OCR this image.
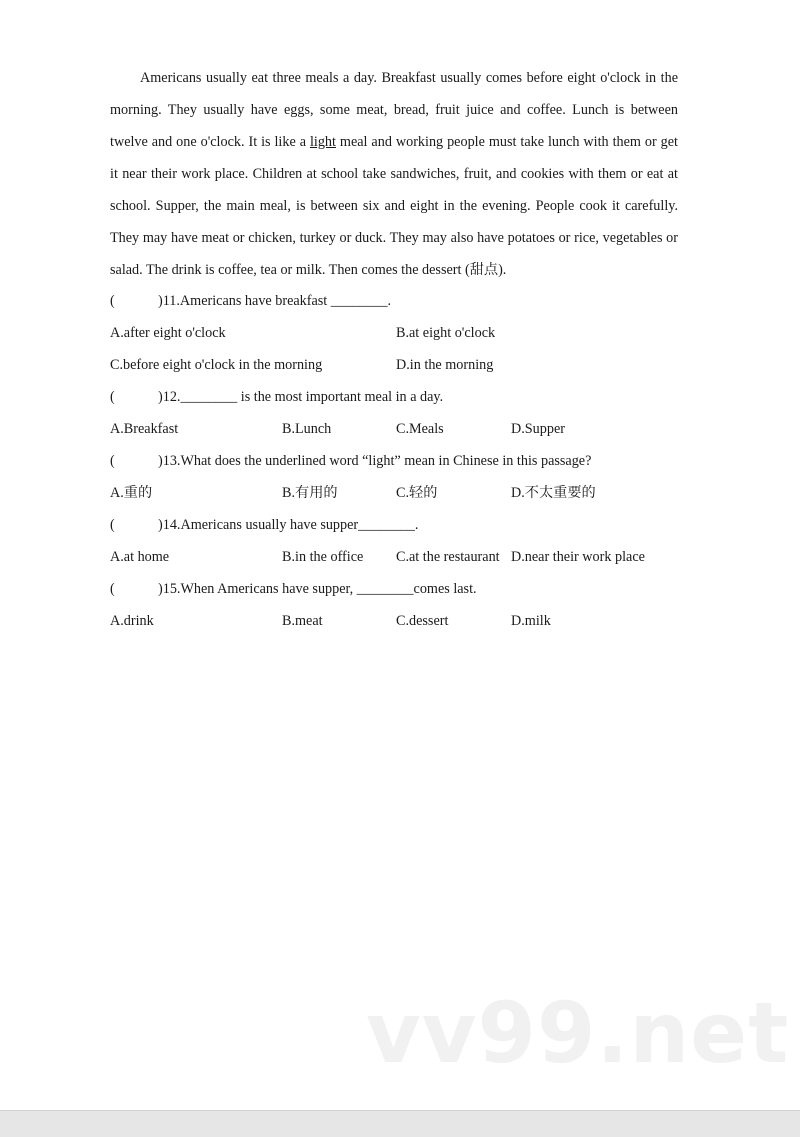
Americans usually eat three meals a day. Breakfast usually comes before eight o'clock in the morning. They usually have eggs, some meat, bread, fruit juice and coffee. Lunch is between twelve and one o'clock. It is like a light meal and working people must take lunch with them or get it near their work place. Children at school take sandwiches, fruit, and cookies with them or eat at school. Supper, the main meal, is between six and eight in the evening. People cook it carefully. They may have meat or chicken, turkey or duck. They may also have potatoes or rice, vegetables or salad. The drink is coffee, tea or milk. Then comes the dessert (甜点).

(	)11.Americans have breakfast ________.
A.after eight o'clock	B.at eight o'clock
C.before eight o'clock in the morning	D.in the morning
(	)12.________ is the most important meal in a day.
A.Breakfast	B.Lunch	C.Meals	D.Supper
(	)13.What does the underlined word “light” mean in Chinese in this passage?
A.重的	B.有用的	C.轻的	D.不太重要的
(	)14.Americans usually have supper________.
A.at home	B.in the office C.at the restaurant D.near their work place
(	)15.When Americans have supper, ________comes last.
A.drink	B.meat	C.dessert	D.milk
vv99.net
